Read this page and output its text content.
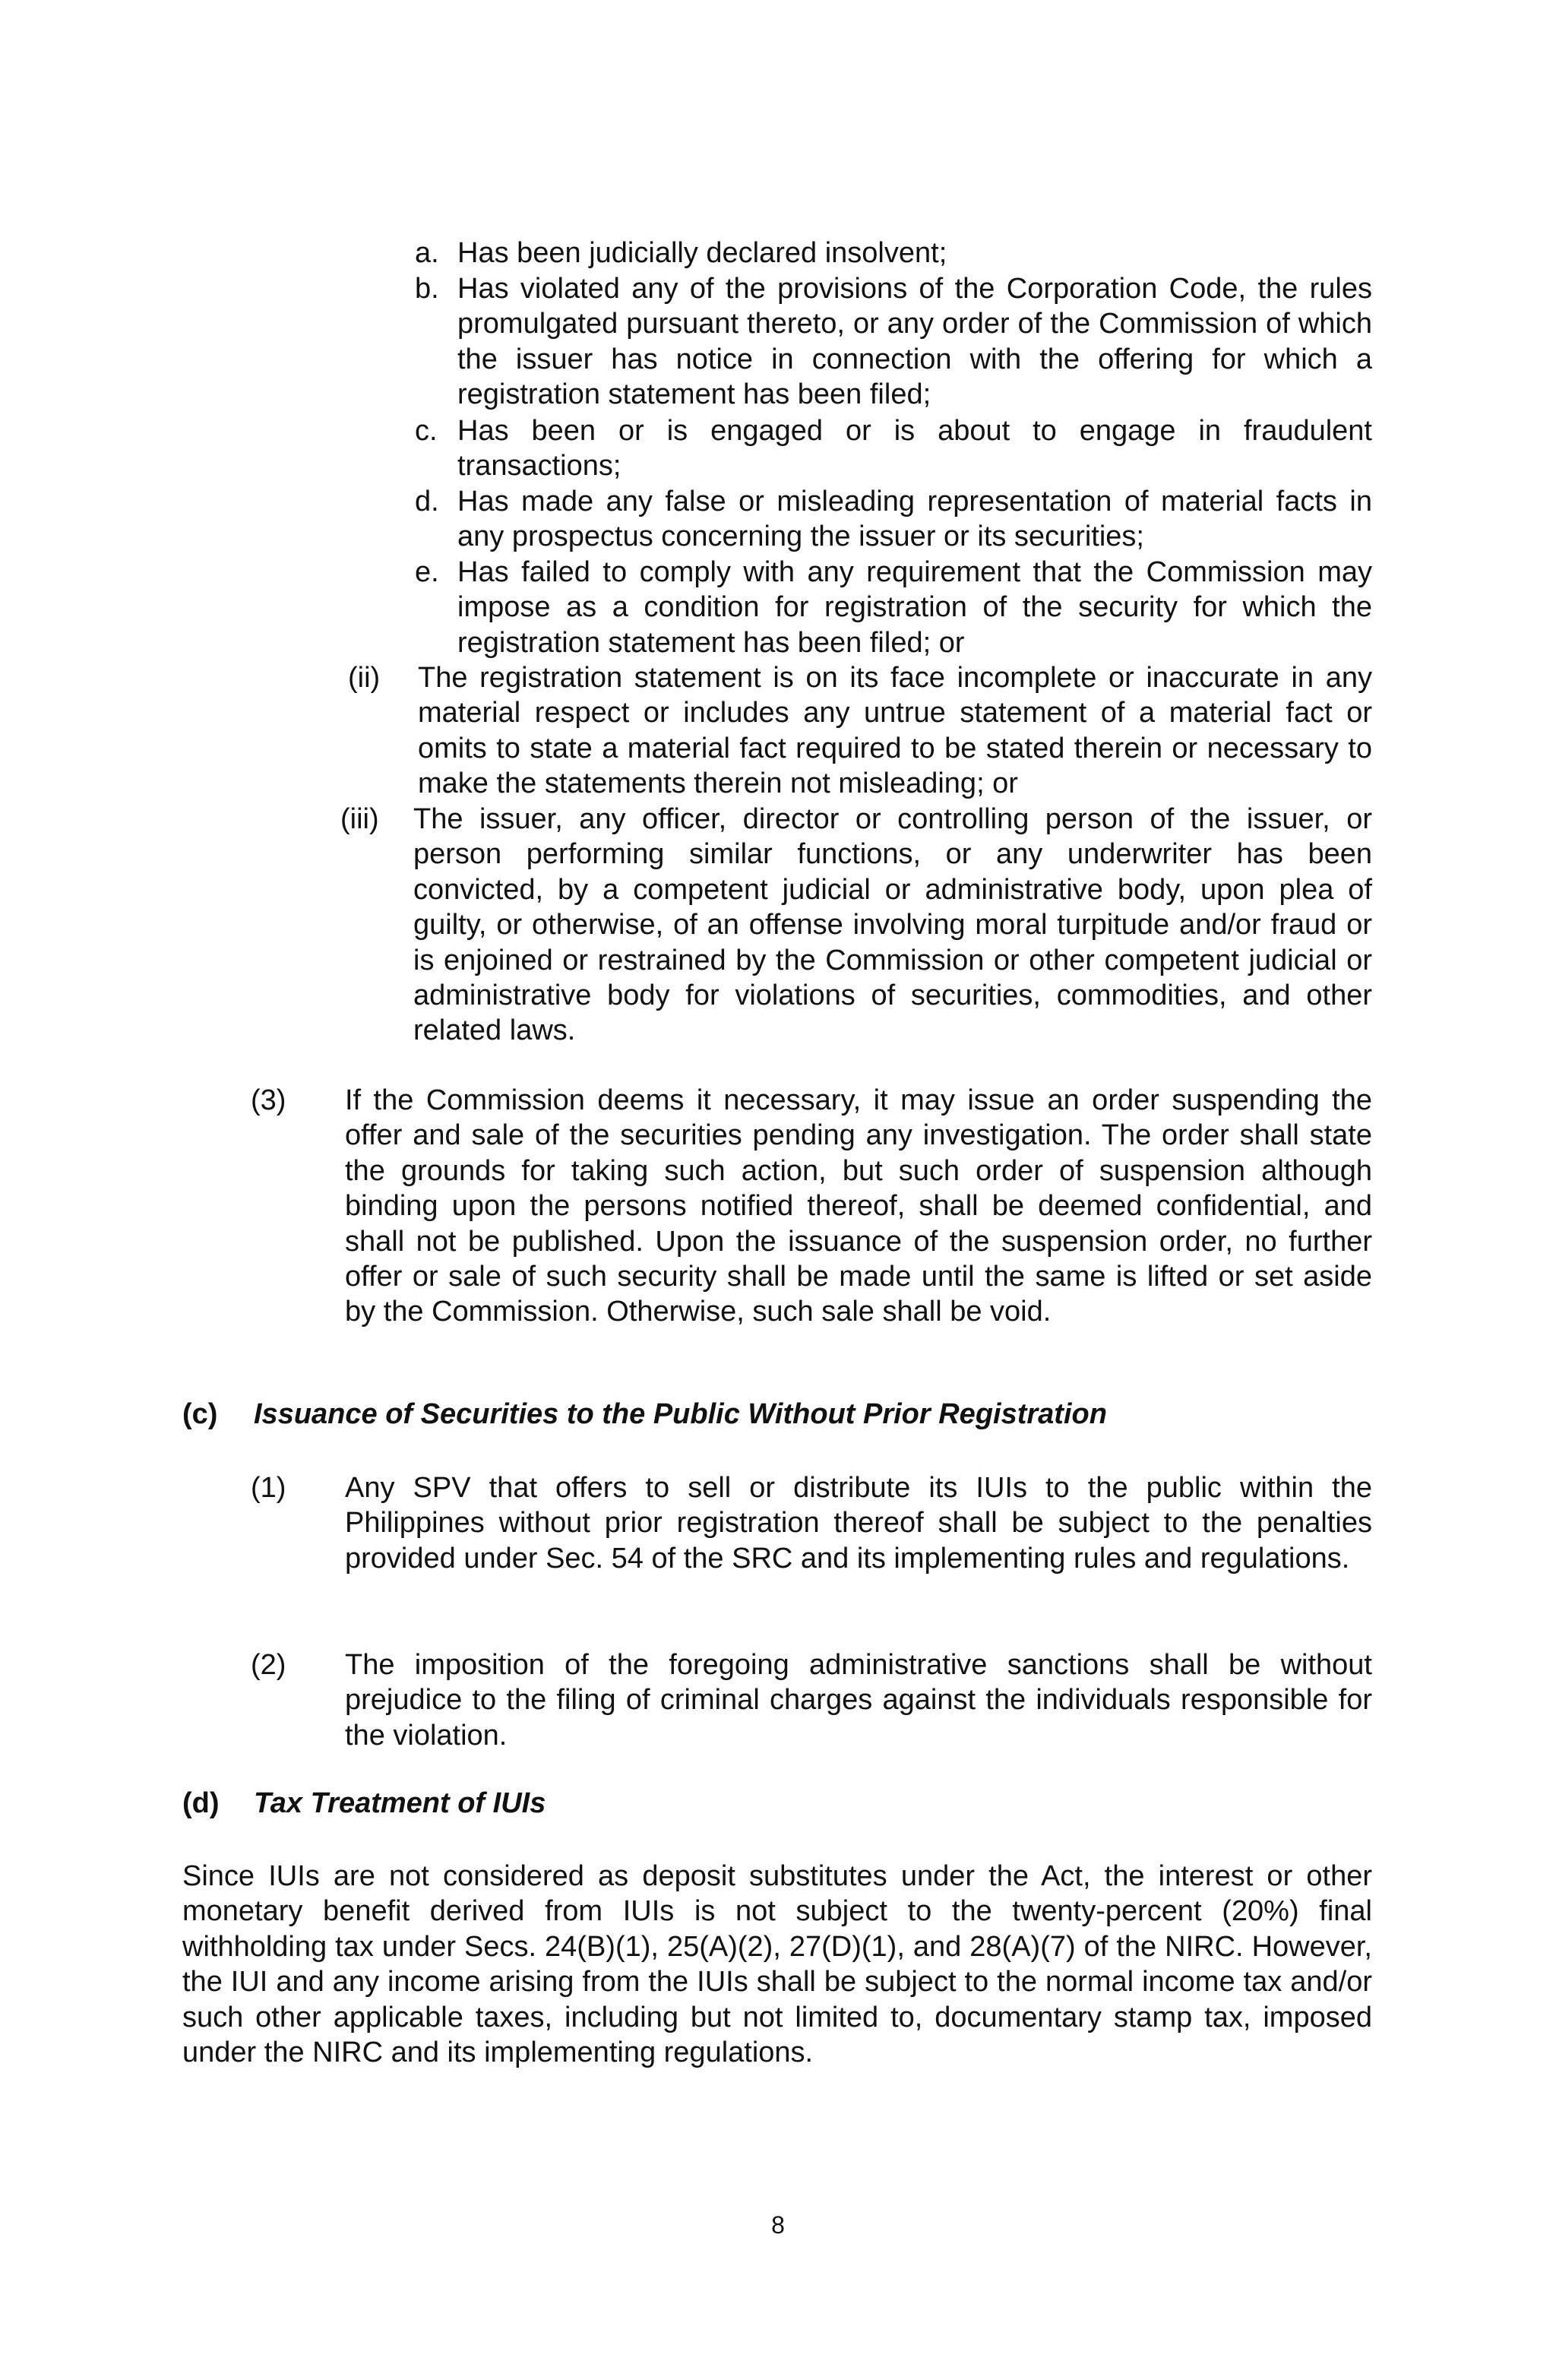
a. Has been judicially declared insolvent;
b. Has violated any of the provisions of the Corporation Code, the rules promulgated pursuant thereto, or any order of the Commission of which the issuer has notice in connection with the offering for which a registration statement has been filed;
c. Has been or is engaged or is about to engage in fraudulent transactions;
d. Has made any false or misleading representation of material facts in any prospectus concerning the issuer or its securities;
e. Has failed to comply with any requirement that the Commission may impose as a condition for registration of the security for which the registration statement has been filed; or
(ii) The registration statement is on its face incomplete or inaccurate in any material respect or includes any untrue statement of a material fact or omits to state a material fact required to be stated therein or necessary to make the statements therein not misleading; or
(iii) The issuer, any officer, director or controlling person of the issuer, or person performing similar functions, or any underwriter has been convicted, by a competent judicial or administrative body, upon plea of guilty, or otherwise, of an offense involving moral turpitude and/or fraud or is enjoined or restrained by the Commission or other competent judicial or administrative body for violations of securities, commodities, and other related laws.
(3) If the Commission deems it necessary, it may issue an order suspending the offer and sale of the securities pending any investigation. The order shall state the grounds for taking such action, but such order of suspension although binding upon the persons notified thereof, shall be deemed confidential, and shall not be published. Upon the issuance of the suspension order, no further offer or sale of such security shall be made until the same is lifted or set aside by the Commission. Otherwise, such sale shall be void.
(c) Issuance of Securities to the Public Without Prior Registration
(1) Any SPV that offers to sell or distribute its IUIs to the public within the Philippines without prior registration thereof shall be subject to the penalties provided under Sec. 54 of the SRC and its implementing rules and regulations.
(2) The imposition of the foregoing administrative sanctions shall be without prejudice to the filing of criminal charges against the individuals responsible for the violation.
(d) Tax Treatment of IUIs
Since IUIs are not considered as deposit substitutes under the Act, the interest or other monetary benefit derived from IUIs is not subject to the twenty-percent (20%) final withholding tax under Secs. 24(B)(1), 25(A)(2), 27(D)(1), and 28(A)(7) of the NIRC. However, the IUI and any income arising from the IUIs shall be subject to the normal income tax and/or such other applicable taxes, including but not limited to, documentary stamp tax, imposed under the NIRC and its implementing regulations.
8
